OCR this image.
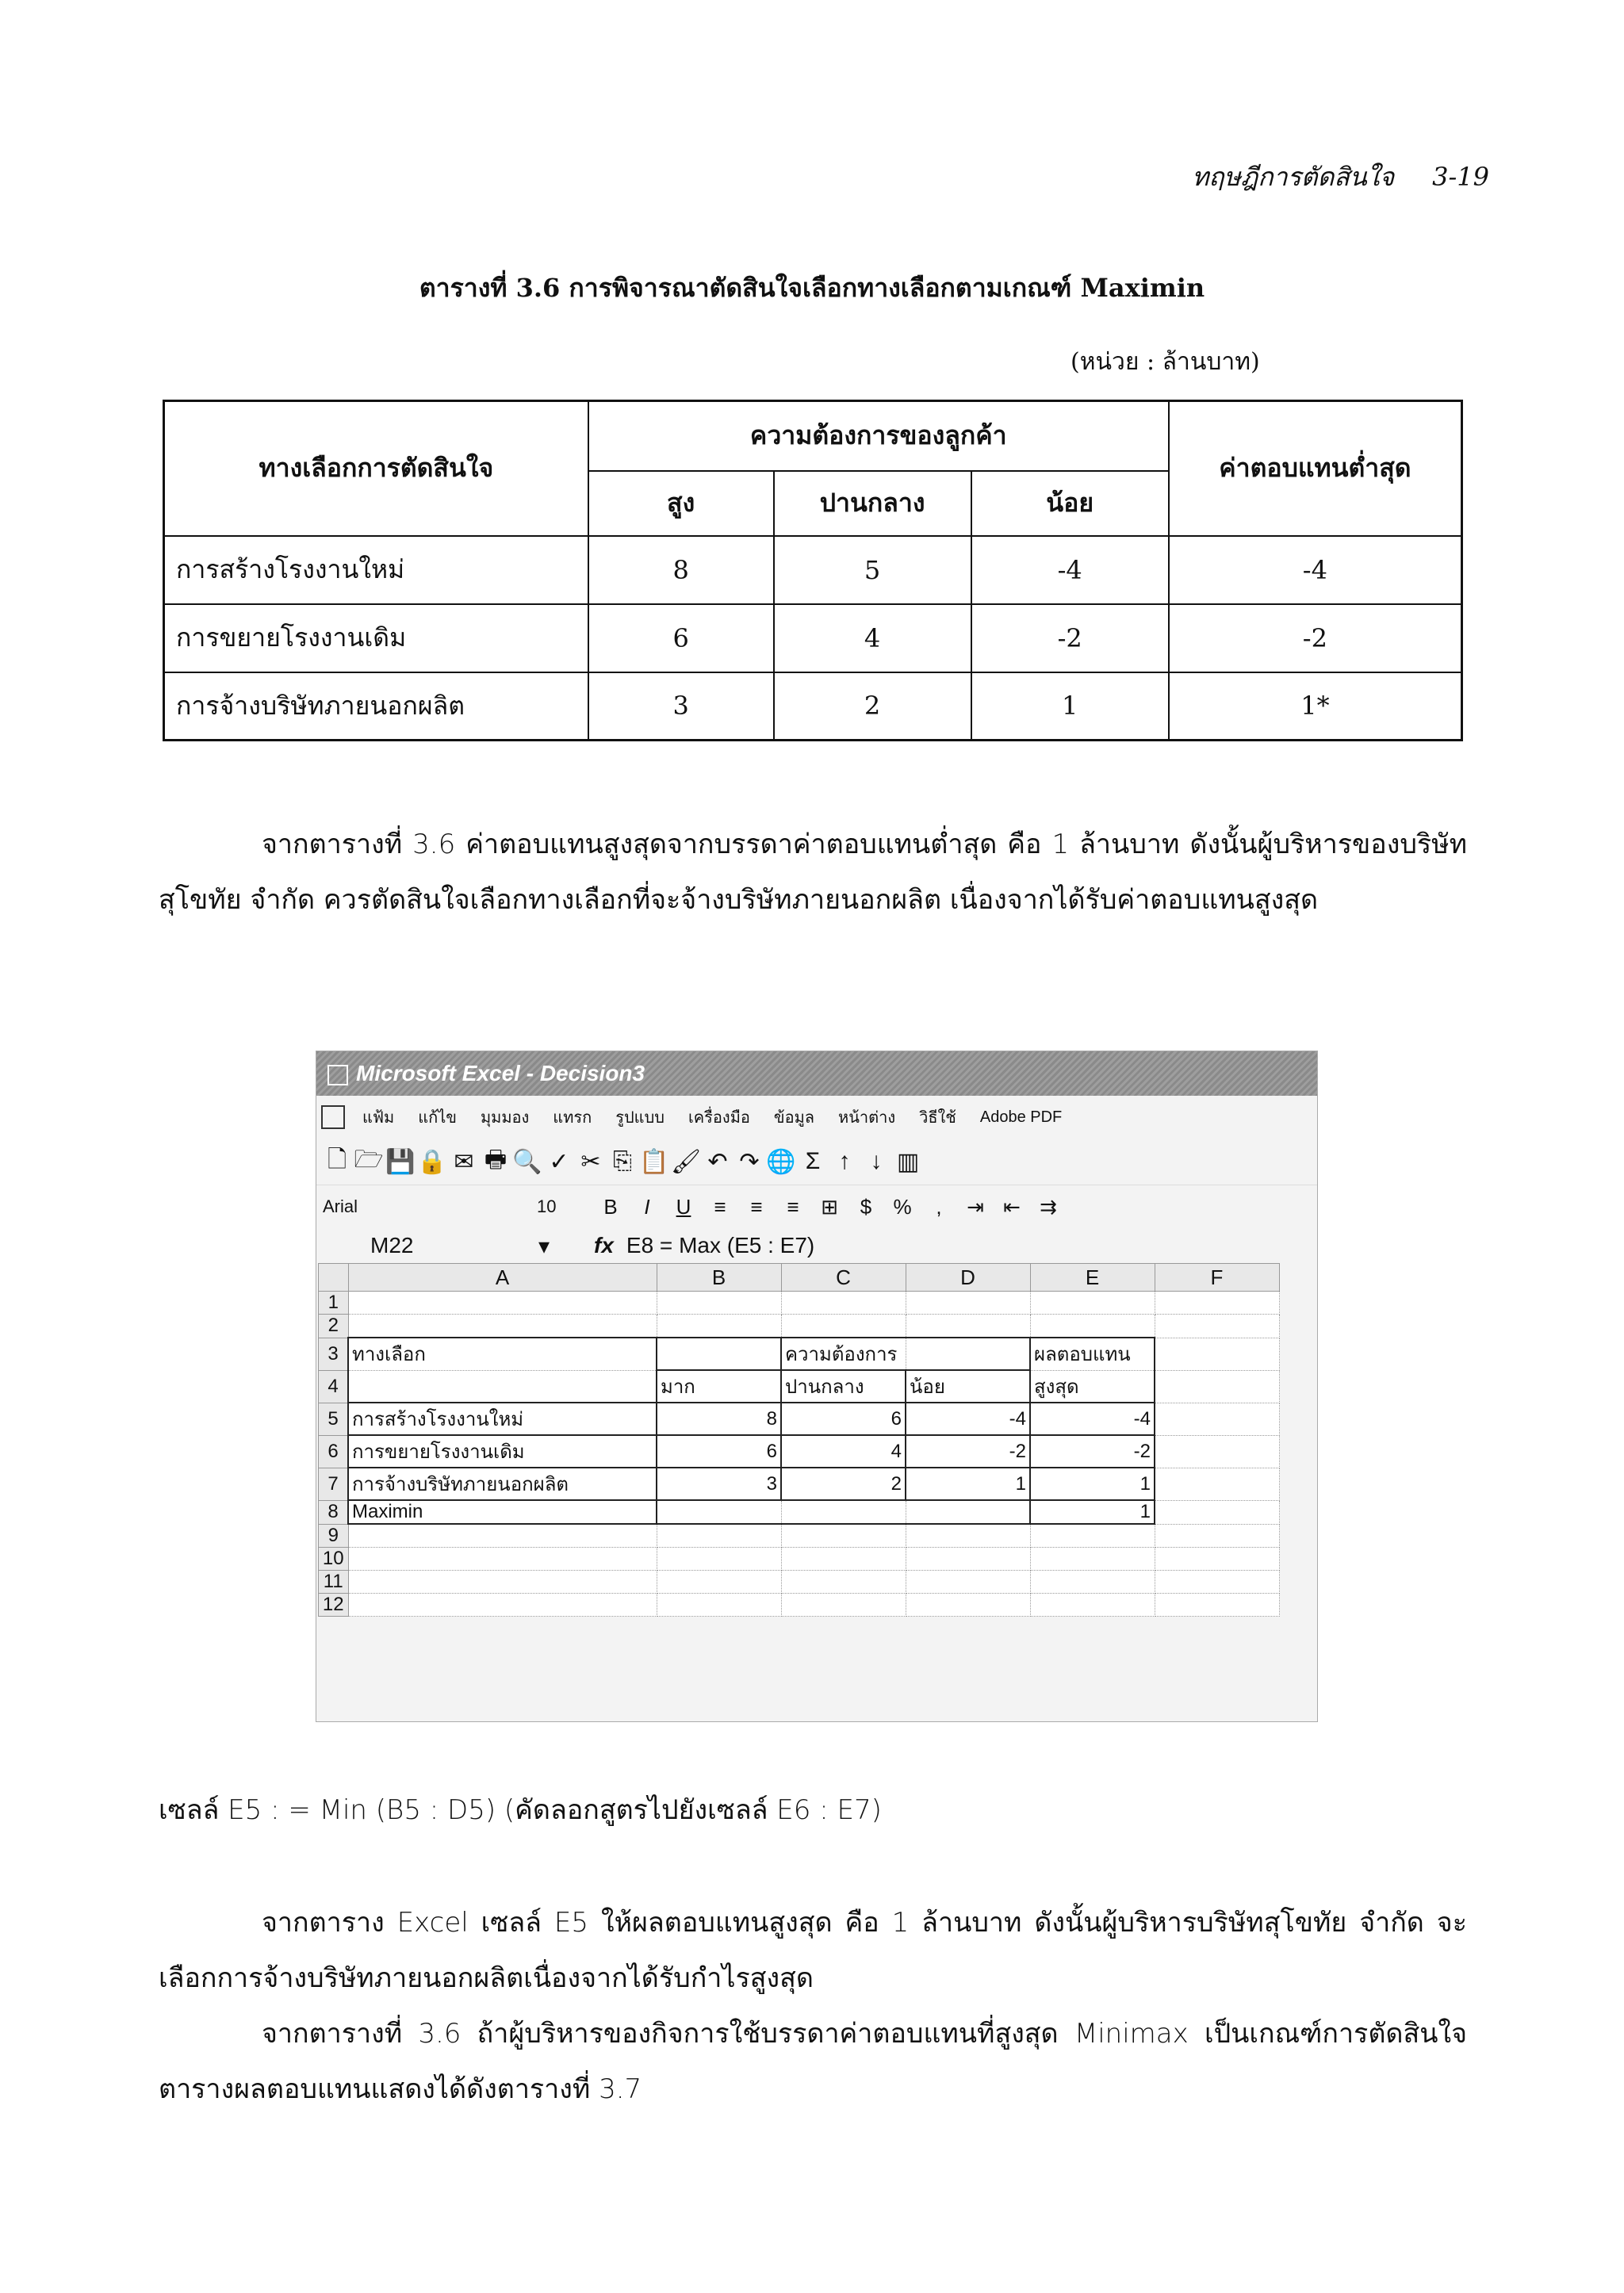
ทฤษฎีการตัดสินใจ 3-19
ตารางที่ 3.6 การพิจารณาตัดสินใจเลือกทางเลือกตามเกณฑ์ Maximin
(หน่วย : ล้านบาท)
ทางเลือกการตัดสินใจ	ความต้องการของลูกค้า			ค่าตอบแทนต่ำสุด
	สูง	ปานกลาง	น้อย	
การสร้างโรงงานใหม่	8	5	-4	-4
การขยายโรงงานเดิม	6	4	-2	-2
การจ้างบริษัทภายนอกผลิต	3	2	1	1*
จากตารางที่ 3.6 ค่าตอบแทนสูงสุดจากบรรดาค่าตอบแทนต่ำสุด คือ 1 ล้านบาท ดังนั้นผู้บริหารของบริษัทสุโขทัย จำกัด ควรตัดสินใจเลือกทางเลือกที่จะจ้างบริษัทภายนอกผลิต เนื่องจากได้รับค่าตอบแทนสูงสุด
Microsoft Excel - Decision3
แฟ้ม แก้ไข มุมมอง แทรก รูปแบบ เครื่องมือ ข้อมูล หน้าต่าง วิธีใช้ Adobe PDF
🗋 🗁 💾 🔒 ✉ 🖶 🔍 ✓ ✂ ⎘ 📋 🖌 ↶ ↷ 🌐 Σ ↑ ↓ ▥
Arial	10	B	I	U	≡	≡	≡	⊞	$	%	,	⇥ ⇤ ⇉
M22	▾	fx E8 = Max (E5 : E7)
	A	B	C	D	E	F
1						
2						
3	ทางเลือก		ความต้องการ		ผลตอบแทน	
4		มาก	ปานกลาง	น้อย	สูงสุด	
5	การสร้างโรงงานใหม่	8	6	-4	-4	
6	การขยายโรงงานเดิม	6	4	-2	-2	
7	การจ้างบริษัทภายนอกผลิต	3	2	1	1	
8	Maximin				1	
9						
10						
11						
12						
เซลล์ E5 : = Min (B5 : D5) (คัดลอกสูตรไปยังเซลล์ E6 : E7)
จากตาราง Excel เซลล์ E5 ให้ผลตอบแทนสูงสุด คือ 1 ล้านบาท ดังนั้นผู้บริหารบริษัทสุโขทัย จำกัด จะเลือกการจ้างบริษัทภายนอกผลิตเนื่องจากได้รับกำไรสูงสุด
จากตารางที่ 3.6 ถ้าผู้บริหารของกิจการใช้บรรดาค่าตอบแทนที่สูงสุด Minimax เป็นเกณฑ์การตัดสินใจ ตารางผลตอบแทนแสดงได้ดังตารางที่ 3.7
